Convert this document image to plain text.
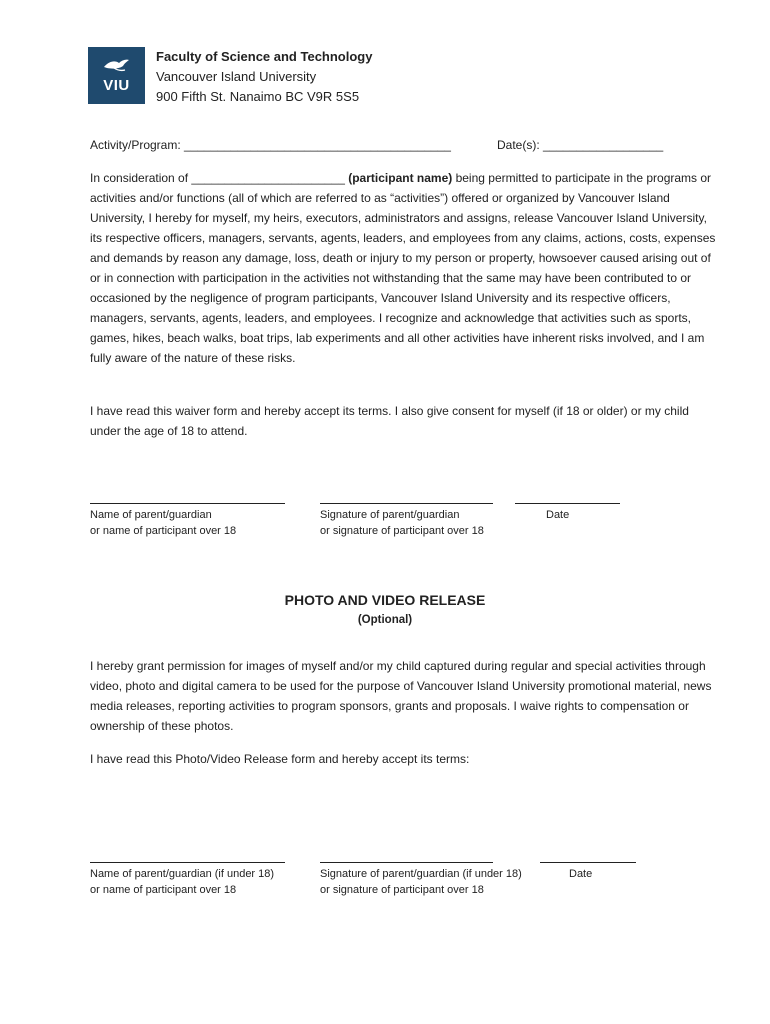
VIU
Faculty of Science and Technology
Vancouver Island University
900 Fifth St. Nanaimo BC V9R 5S5
Activity/Program: ________________________________________	Date(s): __________________
In consideration of _______________________ (participant name) being permitted to participate in the programs or activities and/or functions (all of which are referred to as “activities”) offered or organized by Vancouver Island University, I hereby for myself, my heirs, executors, administrators and assigns, release Vancouver Island University, its respective officers, managers, servants, agents, leaders, and employees from any claims, actions, costs, expenses and demands by reason any damage, loss, death or injury to my person or property, howsoever caused arising out of or in connection with participation in the activities not withstanding that the same may have been contributed to or occasioned by the negligence of program participants, Vancouver Island University and its respective officers, managers, servants, agents, leaders, and employees. I recognize and acknowledge that activities such as sports, games, hikes, beach walks, boat trips, lab experiments and all other activities have inherent risks involved, and I am fully aware of the nature of these risks.
I have read this waiver form and hereby accept its terms. I also give consent for myself (if 18 or older) or my child under the age of 18 to attend.
Name of parent/guardian
or name of participant over 18
Signature of parent/guardian
or signature of participant over 18
Date
PHOTO AND VIDEO RELEASE
(Optional)
I hereby grant permission for images of myself and/or my child captured during regular and special activities through video, photo and digital camera to be used for the purpose of Vancouver Island University promotional material, news media releases, reporting activities to program sponsors, grants and proposals. I waive rights to compensation or ownership of these photos.
I have read this Photo/Video Release form and hereby accept its terms:
Name of parent/guardian (if under 18)
or name of participant over 18
Signature of parent/guardian (if under 18)
or signature of participant over 18
Date
